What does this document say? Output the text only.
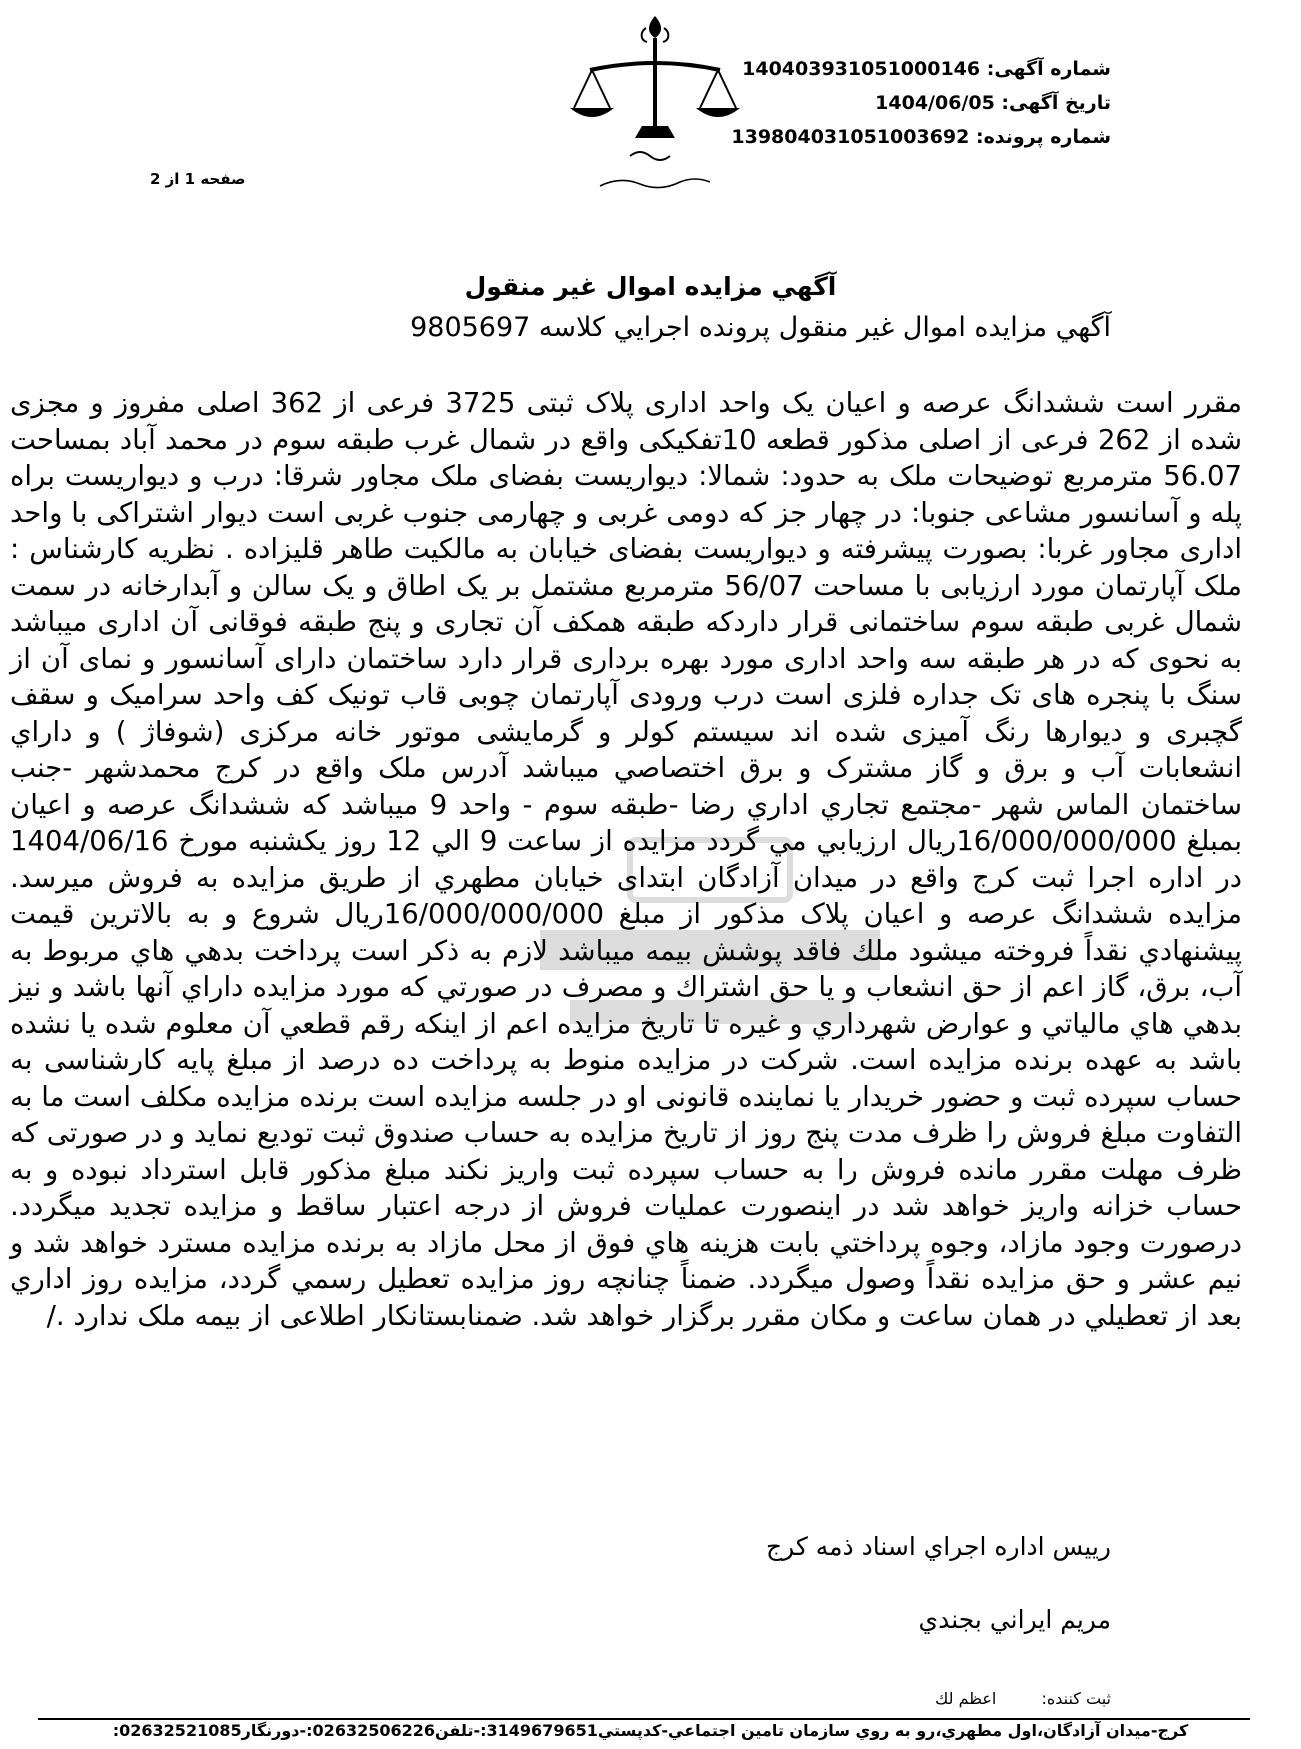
شماره آگهی: 140403931051000146
تاریخ آگهی: 1404/06/05
شماره پرونده: 139804031051003692
صفحه 1 از 2
آگهي مزايده اموال غير منقول
آگهي مزايده اموال غير منقول پرونده اجرايي كلاسه 9805697
مقرر است ششدانگ عرصه و اعیان یک واحد اداری پلاک ثبتی 3725 فرعی از 362 اصلی مفروز و مجزی شده از 262 فرعی از اصلی مذکور قطعه 10تفکیکی واقع در شمال غرب طبقه سوم در محمد آباد بمساحت 56.07 مترمربع توضیحات ملک به حدود: شمالا: دیواریست بفضای ملک مجاور شرقا: درب و دیواریست براه پله و آسانسور مشاعی جنوبا: در چهار جز که دومی غربی و چهارمی جنوب غربی است دیوار اشتراکی با واحد اداری مجاور غربا: بصورت پیشرفته و دیواریست بفضای خیابان به مالکیت طاهر قلیزاده . نظریه کارشناس : ملک آپارتمان مورد ارزیابی با مساحت 56/07 مترمربع مشتمل بر یک اطاق و یک سالن و آبدارخانه در سمت شمال غربی طبقه سوم ساختمانی قرار داردکه طبقه همکف آن تجاری و پنج طبقه فوقانی آن اداری میباشد به نحوی که در هر طبقه سه واحد اداری مورد بهره برداری قرار دارد ساختمان دارای آسانسور و نمای آن از سنگ با پنجره های تک جداره فلزی است درب ورودی آپارتمان چوبی قاب تونیک کف واحد سرامیک و سقف گچبری و دیوارها رنگ آمیزی شده اند سیستم کولر و گرمایشی موتور خانه مرکزی (شوفاژ ) و داراي انشعابات آب و برق و گاز مشترک و برق اختصاصي میباشد آدرس ملک واقع در کرج محمدشهر -جنب ساختمان الماس شهر -مجتمع تجاري اداري رضا -طبقه سوم - واحد 9 میباشد که ششدانگ عرصه و اعيان بمبلغ 16/000/000/000ريال ارزيابي مي گردد مزايده از ساعت 9 الي 12 روز یکشنبه مورخ 1404/06/16 در اداره اجرا ثبت کرج واقع در میدان آزادگان ابتدای خیابان مطهري از طريق مزايده به فروش ميرسد. مزايده ششدانگ عرصه و اعيان پلاک مذکور از مبلغ 16/000/000/000ريال شروع و به بالاترين قيمت پيشنهادي نقداً فروخته ميشود ملك فاقد پوشش بيمه ميباشد لازم به ذکر است پرداخت بدهي هاي مربوط به آب، برق، گاز اعم از حق انشعاب و يا حق اشتراك و مصرف در صورتي كه مورد مزايده داراي آنها باشد و نيز بدهي هاي مالياتي و عوارض شهرداري و غيره تا تاريخ مزايده اعم از اينكه رقم قطعي آن معلوم شده يا نشده باشد به عهده برنده مزايده است. شرکت در مزایده منوط به پرداخت ده درصد از مبلغ پایه کارشناسی به حساب سپرده ثبت و حضور خریدار یا نماینده قانونی او در جلسه مزایده است برنده مزایده مکلف است ما به التفاوت مبلغ فروش را ظرف مدت پنج روز از تاریخ مزایده به حساب صندوق ثبت تودیع نماید و در صورتی که ظرف مهلت مقرر مانده فروش را به حساب سپرده ثبت واریز نکند مبلغ مذکور قابل استرداد نبوده و به حساب خزانه واریز خواهد شد در اینصورت عملیات فروش از درجه اعتبار ساقط و مزایده تجدید میگردد. درصورت وجود مازاد، وجوه پرداختي بابت هزينه هاي فوق از محل مازاد به برنده مزايده مسترد خواهد شد و نيم عشر و حق مزايده نقداً وصول ميگردد. ضمناً چنانچه روز مزايده تعطيل رسمي گردد، مزايده روز اداري بعد از تعطيلي در همان ساعت و مكان مقرر برگزار خواهد شد. ضمنابستانکار اطلاعی از بیمه ملک ندارد ./
رييس اداره اجراي اسناد ذمه كرج
مريم ايراني بجندي
ثبت كننده: اعظم لك
كرج-ميدان آزادگان،اول مطهري،رو به روي سازمان تامين اجتماعي-كدپستي3149679651:-تلفن02632506226:-دورنگار02632521085:
